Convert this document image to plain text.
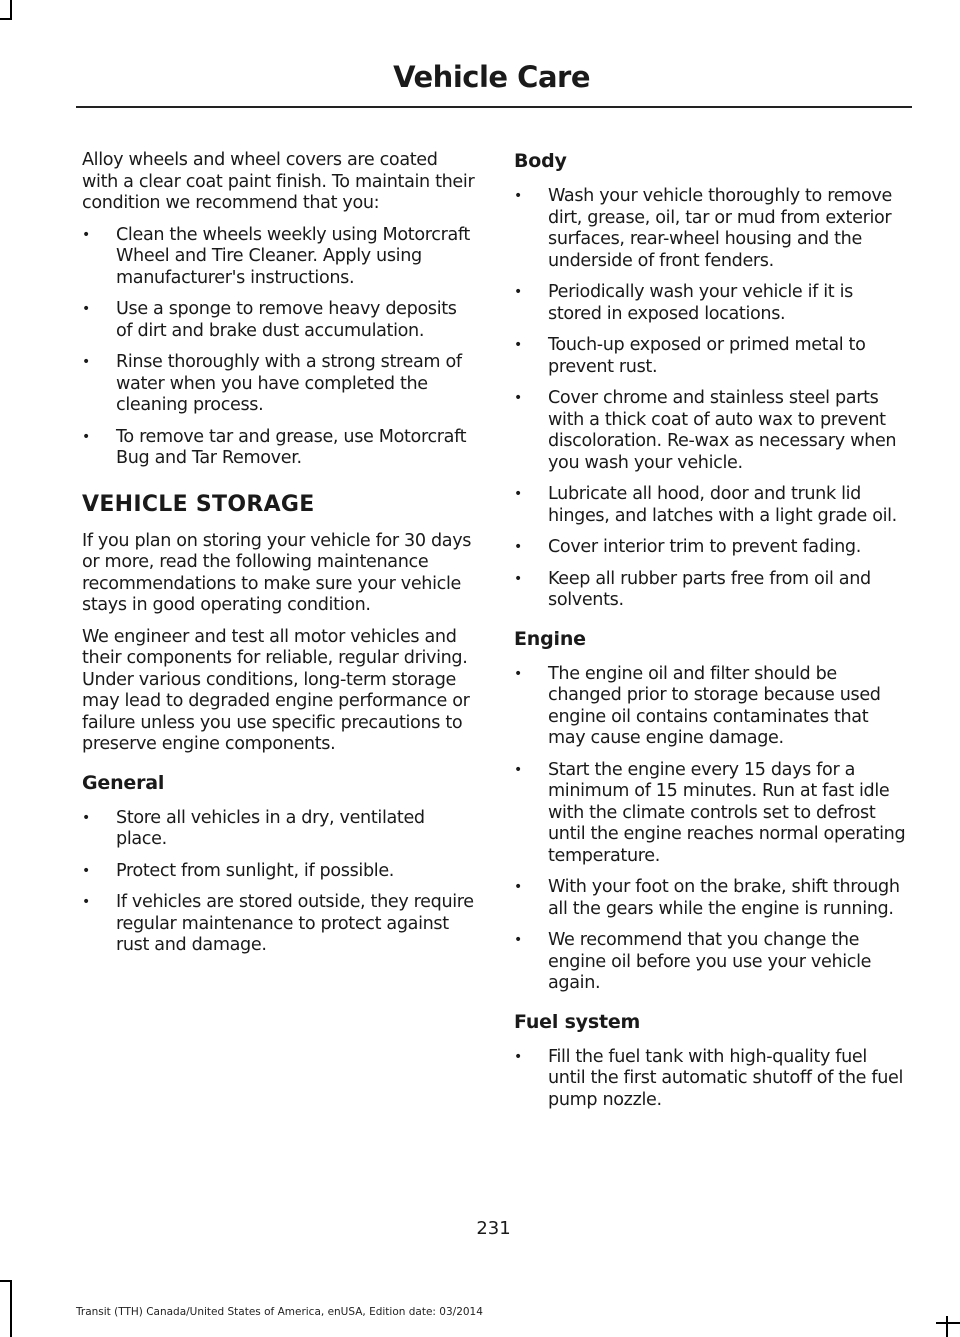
Vehicle Care

Alloy wheels and wheel covers are coated with a clear coat paint finish. To maintain their condition we recommend that you:

• Clean the wheels weekly using Motorcraft Wheel and Tire Cleaner. Apply using manufacturer's instructions.
• Use a sponge to remove heavy deposits of dirt and brake dust accumulation.
• Rinse thoroughly with a strong stream of water when you have completed the cleaning process.
• To remove tar and grease, use Motorcraft Bug and Tar Remover.
VEHICLE STORAGE

If you plan on storing your vehicle for 30 days or more, read the following maintenance recommendations to make sure your vehicle stays in good operating condition.

We engineer and test all motor vehicles and their components for reliable, regular driving. Under various conditions, long-term storage may lead to degraded engine performance or failure unless you use specific precautions to preserve engine components.

General
• Store all vehicles in a dry, ventilated place.
• Protect from sunlight, if possible.
• If vehicles are stored outside, they require regular maintenance to protect against rust and damage.
Body
• Wash your vehicle thoroughly to remove dirt, grease, oil, tar or mud from exterior surfaces, rear-wheel housing and the underside of front fenders.
• Periodically wash your vehicle if it is stored in exposed locations.
• Touch-up exposed or primed metal to prevent rust.
• Cover chrome and stainless steel parts with a thick coat of auto wax to prevent discoloration. Re-wax as necessary when you wash your vehicle.
• Lubricate all hood, door and trunk lid hinges, and latches with a light grade oil.
• Cover interior trim to prevent fading.
• Keep all rubber parts free from oil and solvents.
Engine
• The engine oil and filter should be changed prior to storage because used engine oil contains contaminates that may cause engine damage.
• Start the engine every 15 days for a minimum of 15 minutes. Run at fast idle with the climate controls set to defrost until the engine reaches normal operating temperature.
• With your foot on the brake, shift through all the gears while the engine is running.
• We recommend that you change the engine oil before you use your vehicle again.
Fuel system
• Fill the fuel tank with high-quality fuel until the first automatic shutoff of the fuel pump nozzle.
231
Transit (TTH) Canada/United States of America, enUSA, Edition date: 03/2014
